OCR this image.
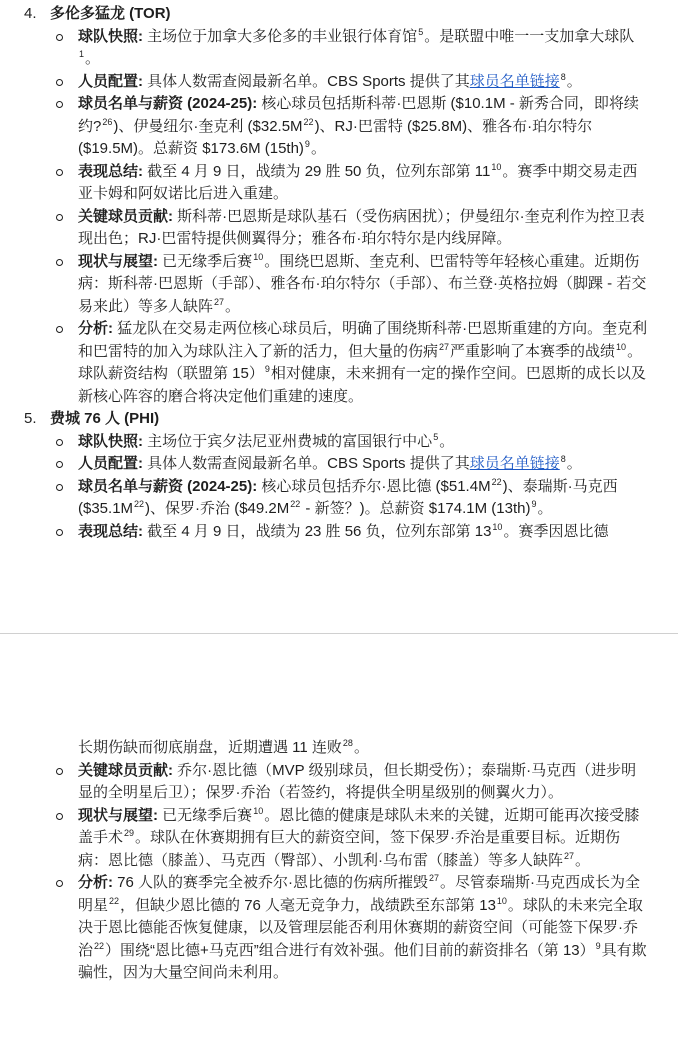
4. 多伦多猛龙 (TOR)
球队快照: 主场位于加拿大多伦多的丰业银行体育馆$^5$。是联盟中唯一一支加拿大球队$^1$。
人员配置: 具体人数需查阅最新名单。CBS Sports 提供了其球员名单链接$^8$。
球员名单与薪资 (2024-25): 核心球员包括斯科蒂·巴恩斯 ($10.1M - 新秀合同，即将续约?$^{26}$)、伊曼纽尔·奎克利 $(\$32.5M^{22})$、RJ·巴雷特 ($25.8M)、雅各布·珀尔特尔 ($19.5M)。总薪资 $173.6M $(15th)^9$。
表现总结: 截至 4 月 9 日，战绩为 29 胜 50 负，位列东部第 $11^{10}$。赛季中期交易走西亚卡姆和阿奴诺比后进入重建。
关键球员贡献: 斯科蒂·巴恩斯是球队基石（受伤病困扰）；伊曼纽尔·奎克利作为控卫表现出色；RJ·巴雷特提供侧翼得分；雅各布·珀尔特尔是内线屏障。
现状与展望: 已无缘季后赛$^{10}$。围绕巴恩斯、奎克利、巴雷特等年轻核心重建。近期伤病：斯科蒂·巴恩斯（手部）、雅各布·珀尔特尔（手部）、布兰登·英格拉姆（脚踝 - 若交易来此）等多人缺阵$^{27}$。
分析: 猛龙队在交易走两位核心球员后，明确了围绕斯科蒂·巴恩斯重建的方向。奎克利和巴雷特的加入为球队注入了新的活力，但大量的伤病$^{27}$严重影响了本赛季的战绩$^{10}$。球队薪资结构（联盟第 15）$^9$相对健康，未来拥有一定的操作空间。巴恩斯的成长以及新核心阵容的磨合将决定他们重建的速度。
5. 费城 76 人 (PHI)
球队快照: 主场位于宾夕法尼亚州费城的富国银行中心$^5$。
人员配置: 具体人数需查阅最新名单。CBS Sports 提供了其球员名单链接$^8$。
球员名单与薪资 (2024-25): 核心球员包括乔尔·恩比德 $(\$51.4M^{22})$、泰瑞斯·马克西 $(\$35.1M^{22})$、保罗·乔治 ($\$49.2M^{22}$ - 新签？)。总薪资 $174.1M $(13th)^9$。
表现总结: 截至 4 月 9 日，战绩为 23 胜 56 负，位列东部第 $13^{10}$。赛季因恩比德
长期伤缺而彻底崩盘，近期遭遇 11 连败$^{28}$。
关键球员贡献: 乔尔·恩比德（MVP 级别球员，但长期受伤）；泰瑞斯·马克西（进步明显的全明星后卫）；保罗·乔治（若签约，将提供全明星级别的侧翼火力）。
现状与展望: 已无缘季后赛$^{10}$。恩比德的健康是球队未来的关键，近期可能再次接受膝盖手术$^{29}$。球队在休赛期拥有巨大的薪资空间，签下保罗·乔治是重要目标。近期伤病：恩比德（膝盖）、马克西（臀部）、小凯利·乌布雷（膝盖）等多人缺阵$^{27}$。
分析: 76 人队的赛季完全被乔尔·恩比德的伤病所摧毁$^{27}$。尽管泰瑞斯·马克西成长为全明星$^{22}$，但缺少恩比德的 76 人毫无竞争力，战绩跌至东部第 $13^{10}$。球队的未来完全取决于恩比德能否恢复健康，以及管理层能否利用休赛期的薪资空间（可能签下保罗·乔治$^{22}$）围绕“恩比德+马克西”组合进行有效补强。他们目前的薪资排名（第 13）$^9$具有欺骗性，因为大量空间尚未利用。
